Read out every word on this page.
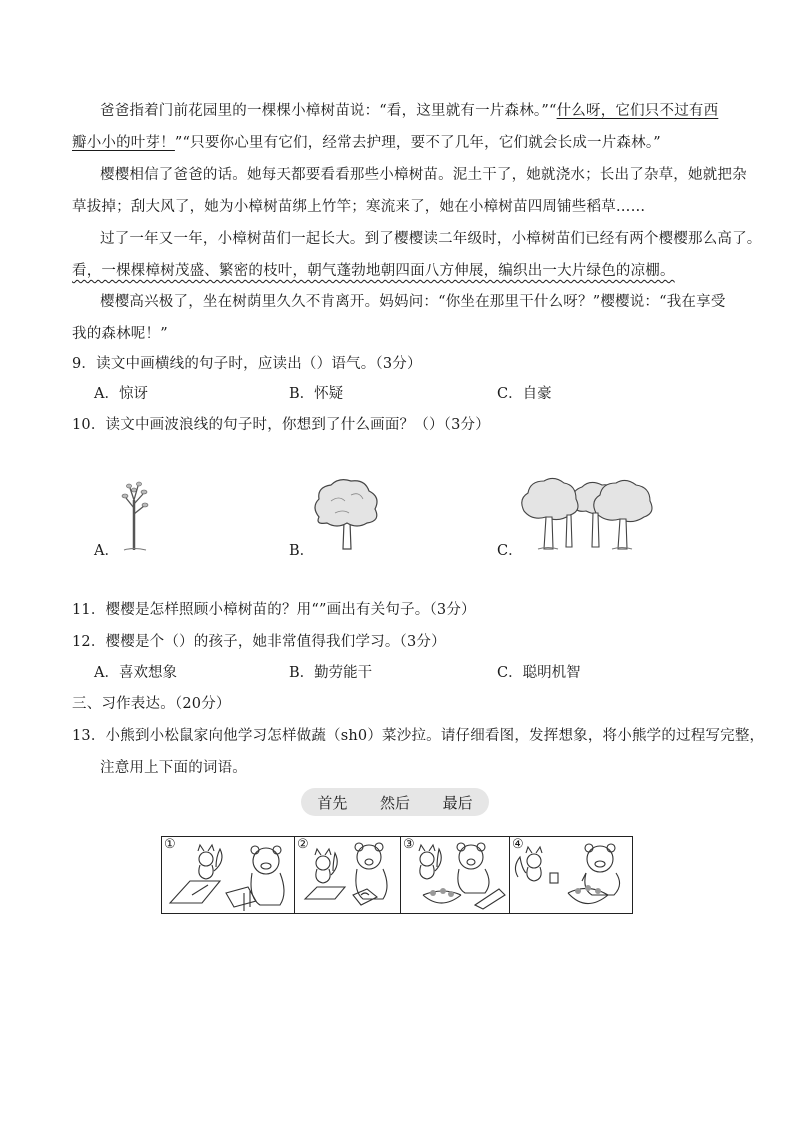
爸爸指着门前花园里的一棵棵小樟树苗说：“看，这里就有一片森林。”“什么呀，它们只不过有西
瓣小小的叶芽！”“只要你心里有它们，经常去护理，要不了几年，它们就会长成一片森林。”
樱樱相信了爸爸的话。她每天都要看看那些小樟树苗。泥土干了，她就浇水；长出了杂草，她就把杂
草拔掉；刮大风了，她为小樟树苗绑上竹竿；寒流来了，她在小樟树苗四周铺些稻草……
过了一年又一年，小樟树苗们一起长大。到了樱樱读二年级时，小樟树苗们已经有两个樱樱那么高了。
看，一棵棵樟树茂盛、繁密的枝叶，朝气蓬勃地朝四面八方伸展，编织出一大片绿色的凉棚。
樱樱高兴极了，坐在树荫里久久不肯离开。妈妈问：“你坐在那里干什么呀？”樱樱说：“我在享受
我的森林呢！”
9．读文中画横线的句子时，应读出（）语气。（3分）
A．惊讶	B．怀疑	C．自豪
10．读文中画波浪线的句子时，你想到了什么画面？（）（3分）
A．	B．	C．
11．樱樱是怎样照顾小樟树苗的？用“”画出有关句子。（3分）
12．樱樱是个（）的孩子，她非常值得我们学习。（3分）
A．喜欢想象	B．勤劳能干	C．聪明机智
三、习作表达。（20分）
13．小熊到小松鼠家向他学习怎样做蔬（sh0）菜沙拉。请仔细看图，发挥想象，将小熊学的过程写完整，
注意用上下面的词语。
首先 然后 最后
①	②	③	④
